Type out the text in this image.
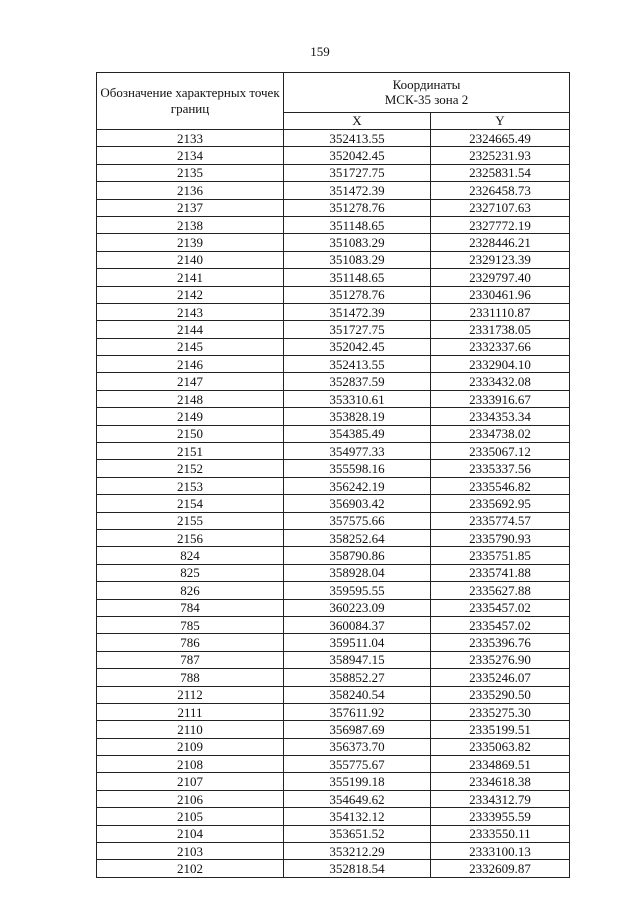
159
Обозначение характерных точек границ	Координаты
МСК-35 зона 2	
	X	Y
2133	352413.55	2324665.49
2134	352042.45	2325231.93
2135	351727.75	2325831.54
2136	351472.39	2326458.73
2137	351278.76	2327107.63
2138	351148.65	2327772.19
2139	351083.29	2328446.21
2140	351083.29	2329123.39
2141	351148.65	2329797.40
2142	351278.76	2330461.96
2143	351472.39	2331110.87
2144	351727.75	2331738.05
2145	352042.45	2332337.66
2146	352413.55	2332904.10
2147	352837.59	2333432.08
2148	353310.61	2333916.67
2149	353828.19	2334353.34
2150	354385.49	2334738.02
2151	354977.33	2335067.12
2152	355598.16	2335337.56
2153	356242.19	2335546.82
2154	356903.42	2335692.95
2155	357575.66	2335774.57
2156	358252.64	2335790.93
824	358790.86	2335751.85
825	358928.04	2335741.88
826	359595.55	2335627.88
784	360223.09	2335457.02
785	360084.37	2335457.02
786	359511.04	2335396.76
787	358947.15	2335276.90
788	358852.27	2335246.07
2112	358240.54	2335290.50
2111	357611.92	2335275.30
2110	356987.69	2335199.51
2109	356373.70	2335063.82
2108	355775.67	2334869.51
2107	355199.18	2334618.38
2106	354649.62	2334312.79
2105	354132.12	2333955.59
2104	353651.52	2333550.11
2103	353212.29	2333100.13
2102	352818.54	2332609.87
